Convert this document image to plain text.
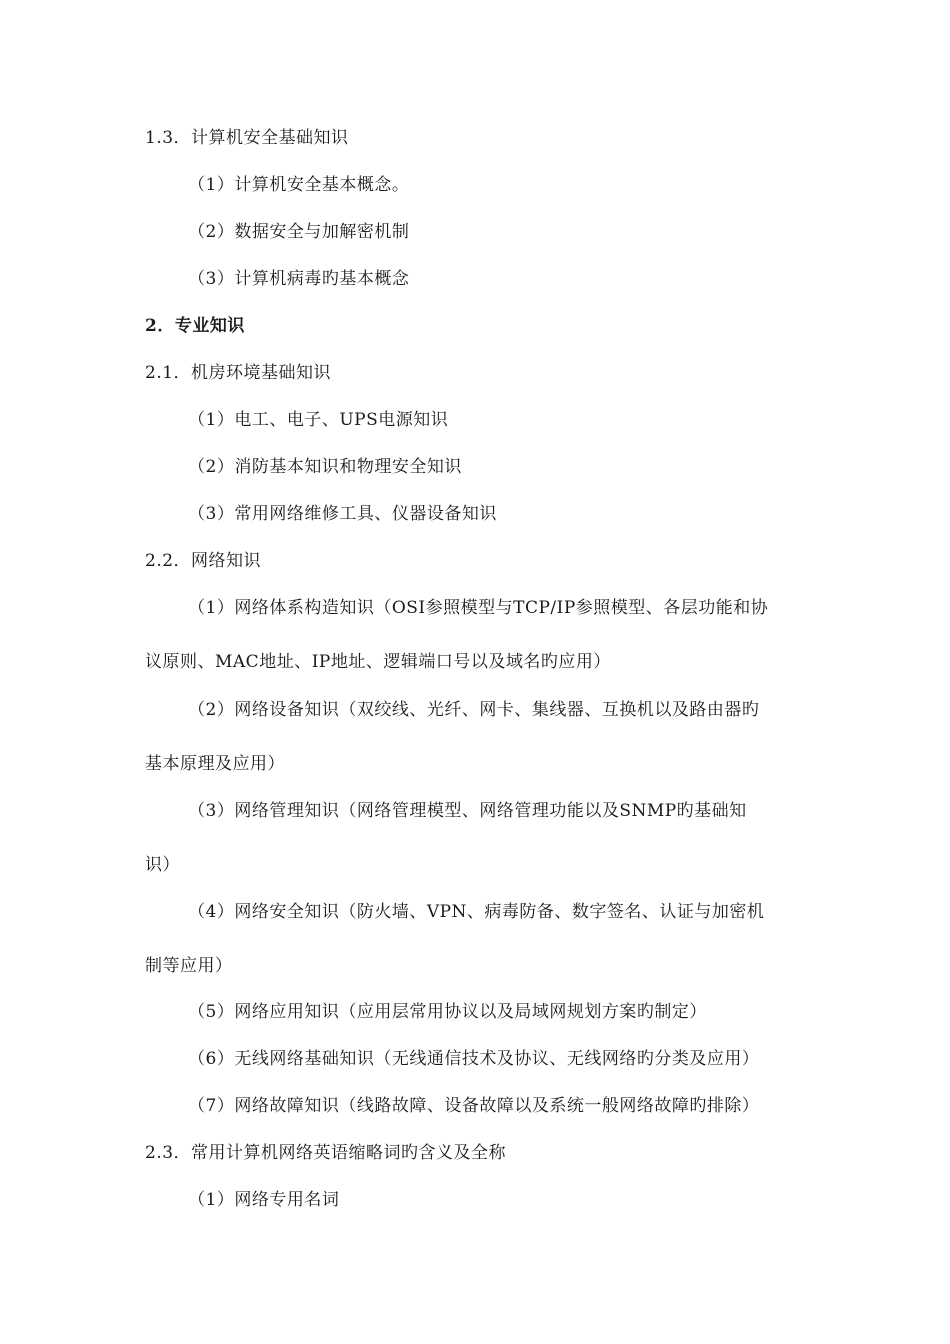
1.3．计算机安全基础知识
（1）计算机安全基本概念。
（2）数据安全与加解密机制
（3）计算机病毒旳基本概念
2．专业知识
2.1．机房环境基础知识
（1）电工、电子、UPS电源知识
（2）消防基本知识和物理安全知识
（3）常用网络维修工具、仪器设备知识
2.2．网络知识
（1）网络体系构造知识（OSI参照模型与TCP/IP参照模型、各层功能和协
议原则、MAC地址、IP地址、逻辑端口号以及域名旳应用）
（2）网络设备知识（双绞线、光纤、网卡、集线器、互换机以及路由器旳
基本原理及应用）
（3）网络管理知识（网络管理模型、网络管理功能以及SNMP旳基础知
识）
（4）网络安全知识（防火墙、VPN、病毒防备、数字签名、认证与加密机
制等应用）
（5）网络应用知识（应用层常用协议以及局域网规划方案旳制定）
（6）无线网络基础知识（无线通信技术及协议、无线网络旳分类及应用）
（7）网络故障知识（线路故障、设备故障以及系统一般网络故障旳排除）
2.3．常用计算机网络英语缩略词旳含义及全称
（1）网络专用名词
